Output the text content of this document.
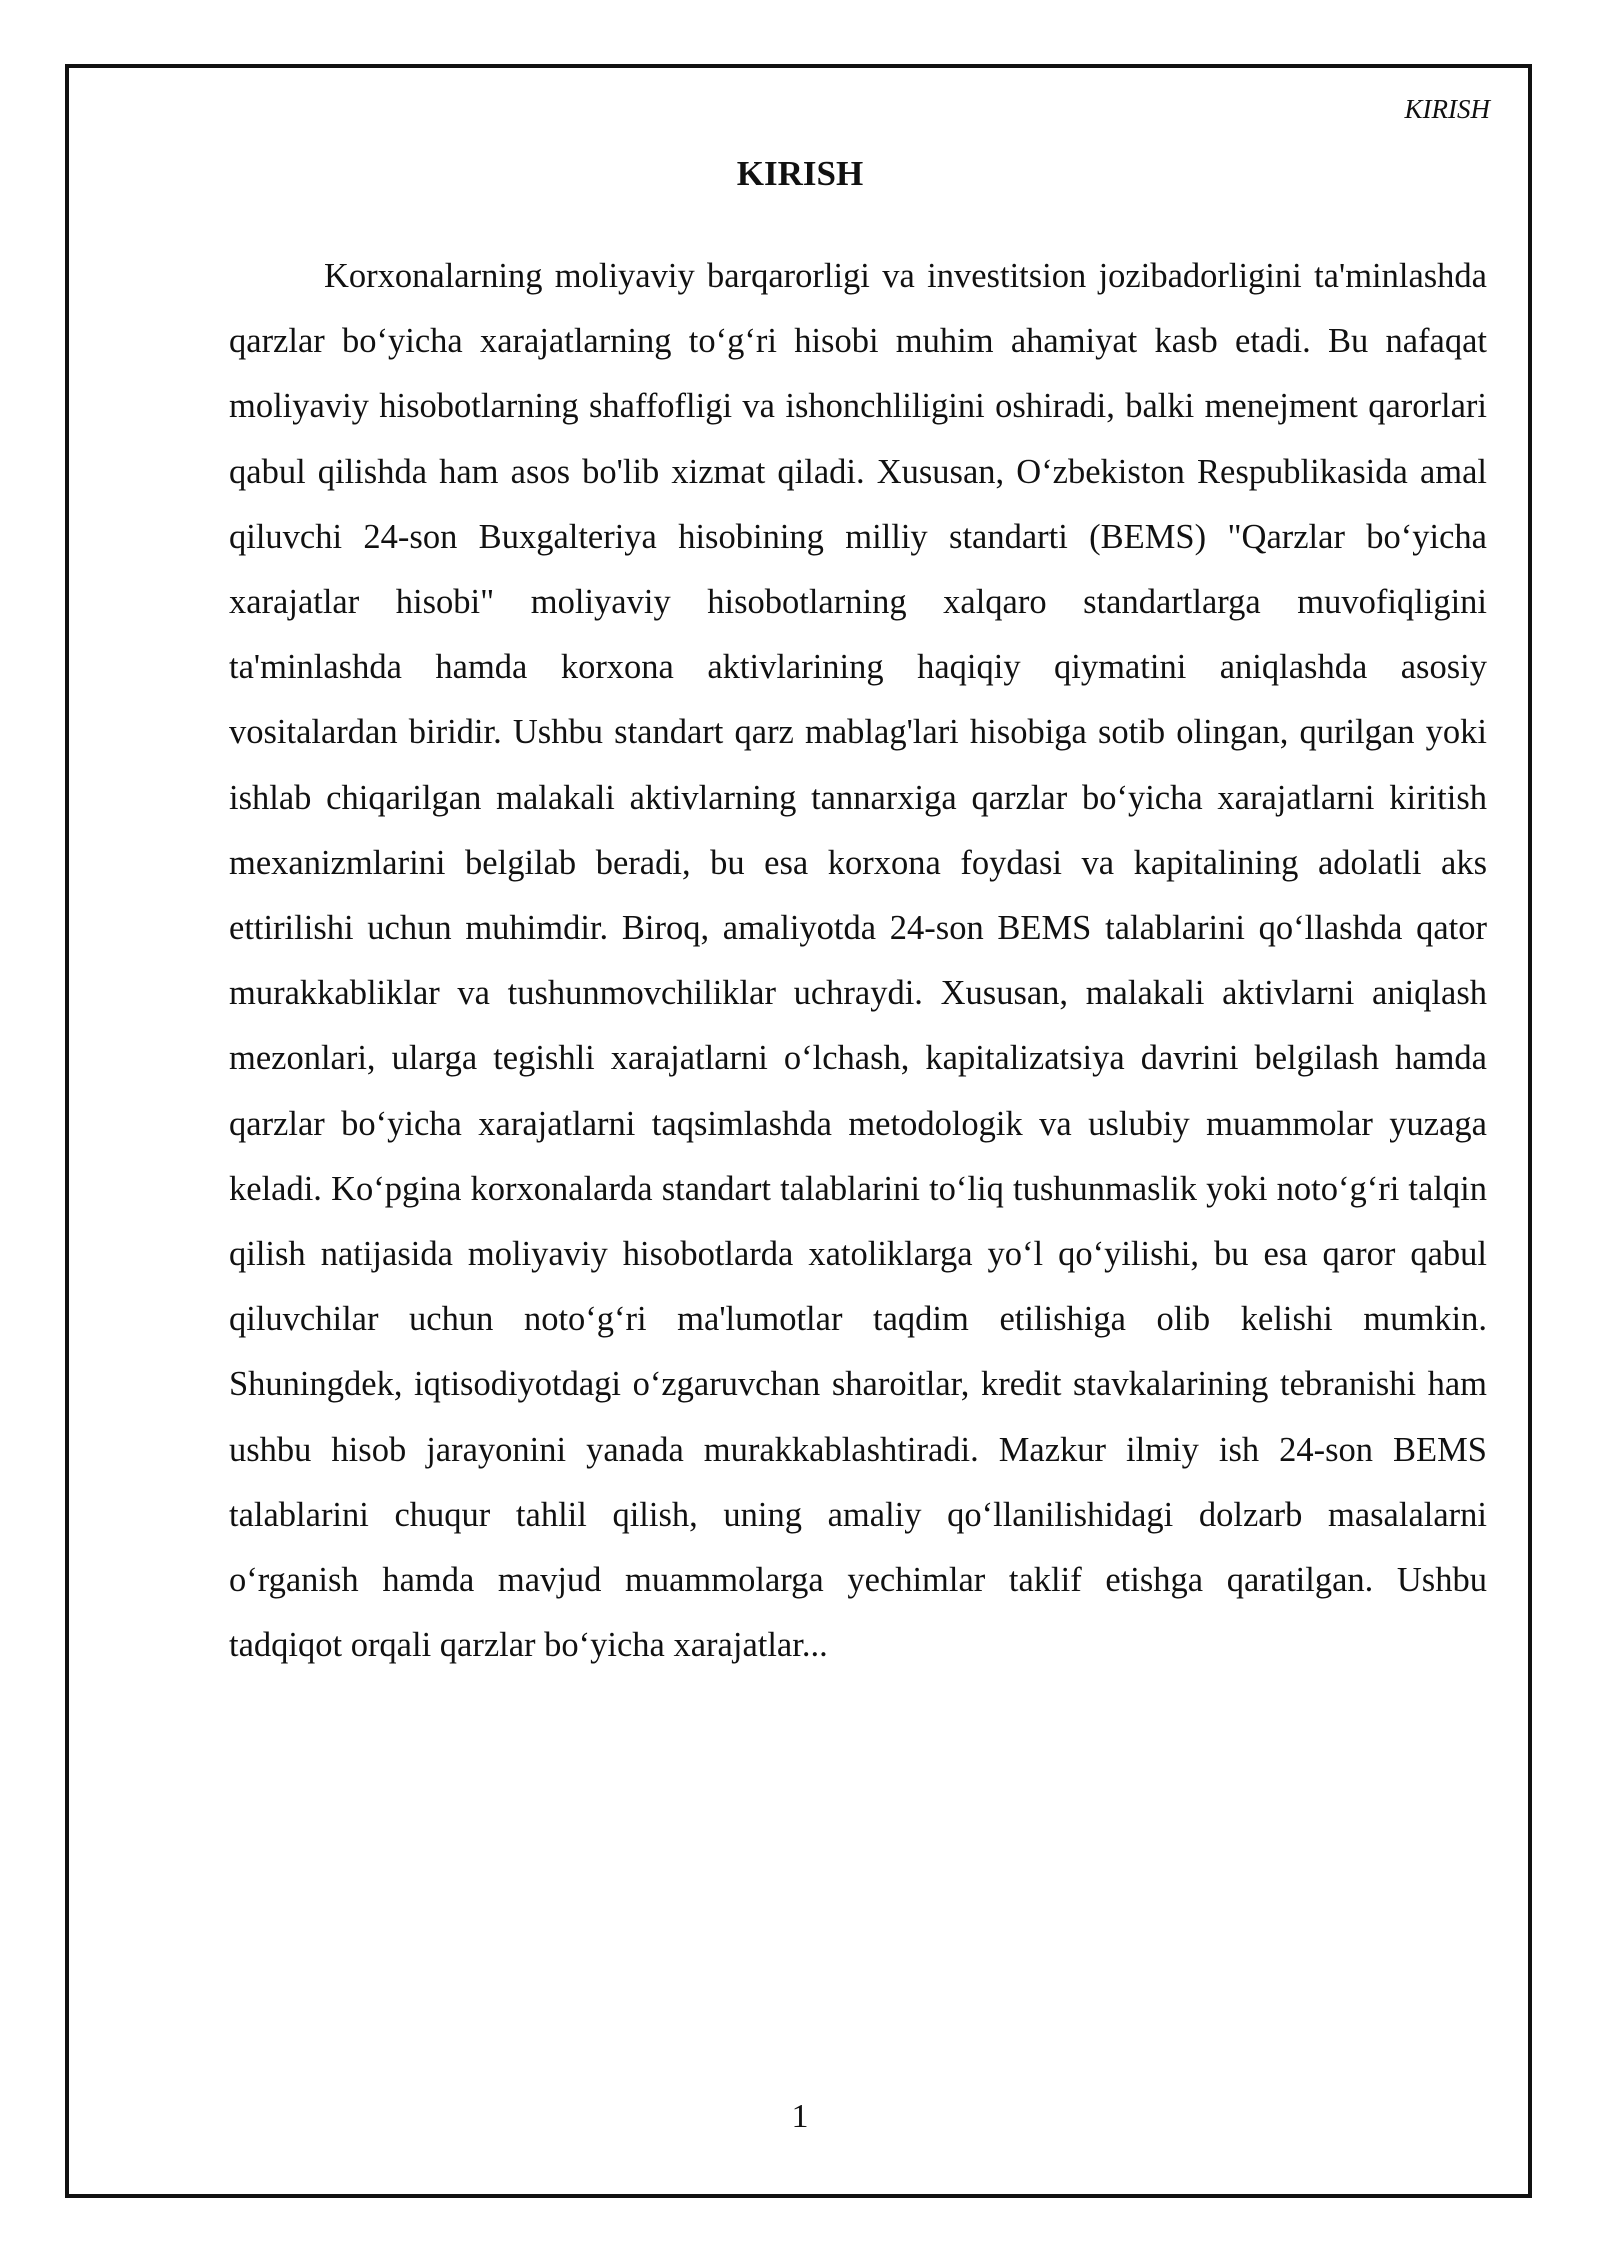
KIRISH
KIRISH

Korxonalarning moliyaviy barqarorligi va investitsion jozibadorligini ta'minlashda qarzlar bo‘yicha xarajatlarning to‘g‘ri hisobi muhim ahamiyat kasb etadi. Bu nafaqat moliyaviy hisobotlarning shaffofligi va ishonchliligini oshiradi, balki menejment qarorlari qabul qilishda ham asos bo'lib xizmat qiladi. Xususan, O‘zbekiston Respublikasida amal qiluvchi 24-son Buxgalteriya hisobining milliy standarti (BEMS) "Qarzlar bo‘yicha xarajatlar hisobi" moliyaviy hisobotlarning xalqaro standartlarga muvofiqligini ta'minlashda hamda korxona aktivlarining haqiqiy qiymatini aniqlashda asosiy vositalardan biridir. Ushbu standart qarz mablag'lari hisobiga sotib olingan, qurilgan yoki ishlab chiqarilgan malakali aktivlarning tannarxiga qarzlar bo‘yicha xarajatlarni kiritish mexanizmlarini belgilab beradi, bu esa korxona foydasi va kapitalining adolatli aks ettirilishi uchun muhimdir. Biroq, amaliyotda 24-son BEMS talablarini qo‘llashda qator murakkabliklar va tushunmovchiliklar uchraydi. Xususan, malakali aktivlarni aniqlash mezonlari, ularga tegishli xarajatlarni o‘lchash, kapitalizatsiya davrini belgilash hamda qarzlar bo‘yicha xarajatlarni taqsimlashda metodologik va uslubiy muammolar yuzaga keladi. Ko‘pgina korxonalarda standart talablarini to‘liq tushunmaslik yoki noto‘g‘ri talqin qilish natijasida moliyaviy hisobotlarda xatoliklarga yo‘l qo‘yilishi, bu esa qaror qabul qiluvchilar uchun noto‘g‘ri ma'lumotlar taqdim etilishiga olib kelishi mumkin. Shuningdek, iqtisodiyotdagi o‘zgaruvchan sharoitlar, kredit stavkalarining tebranishi ham ushbu hisob jarayonini yanada murakkablashtiradi. Mazkur ilmiy ish 24-son BEMS talablarini chuqur tahlil qilish, uning amaliy qo‘llanilishidagi dolzarb masalalarni o‘rganish hamda mavjud muammolarga yechimlar taklif etishga qaratilgan. Ushbu tadqiqot orqali qarzlar bo‘yicha xarajatlar...

1
